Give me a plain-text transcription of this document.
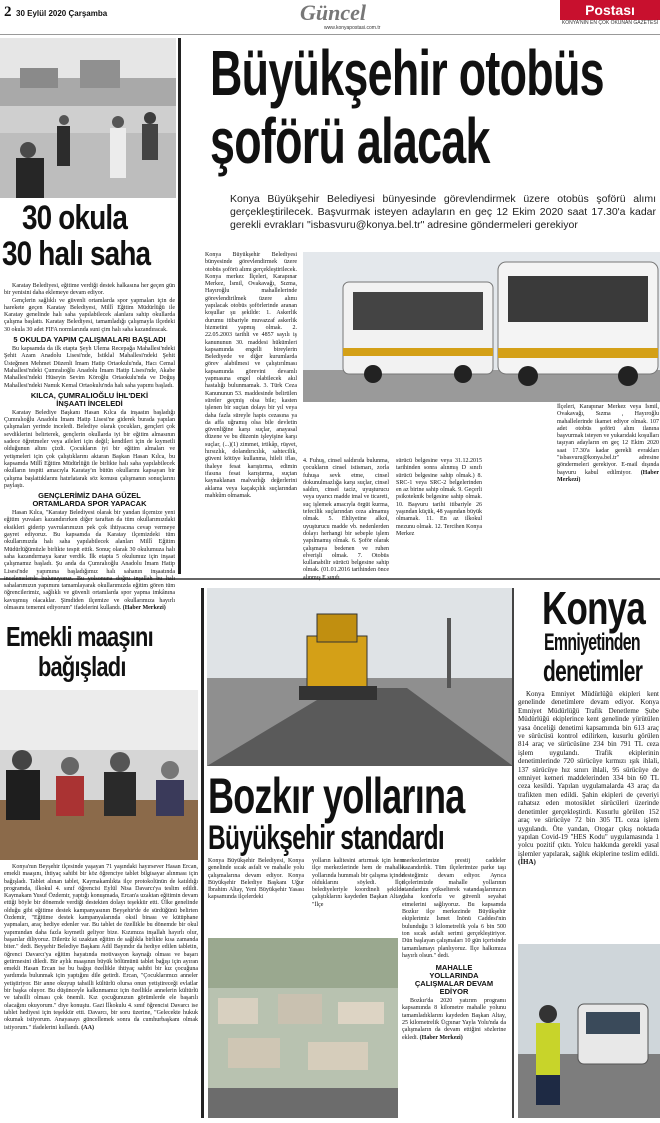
2 30 Eylül 2020 Çarşamba	Güncel
www.konyapostasi.com.tr
Postası
KONYA'NIN EN ÇOK OKUNAN GAZETESİ
30 okula
30 halı saha

Karatay Belediyesi, eğitime verdiği destek halkasına her geçen gün bir yenisini daha eklemeye devam ediyor.

Gençlerin sağlıklı ve güvenli ortamlarda spor yapmaları için de harekete geçen Karatay Belediyesi, Millî Eğitim Müdürlüğü ile Karatay genelinde halı saha yapılabilecek alanlara sahip okullarda çalışma başlattı. Karatay Belediyesi, tamamladığı çalışmayla ilçedeki 30 okula 30 adet FIFA normlarında suni çim halı saha kazandıracak.

5 OKULDA YAPIM ÇALIŞMALARI BAŞLADI

Bu kapsamda da ilk etapta Şeyh Ulema Recepağa Mahallesi'ndeki Şehit Azam Anadolu Lisesi'nde, İstiklal Mahallesi'ndeki Şehit Üsteğmen Mehmet Düzenli İmam Hatip Ortaokulu'nda, Hacı Cemal Mahallesi'ndeki Çumralıoğlu Anadolu İmam Hatip Lisesi'nde, Akabe Mahallesi'ndeki Hüseyin Sevim Köroğlu Ortaokulu'nda ve Doğuş Mahallesi'ndeki Namık Kemal Ortaokulu'nda halı saha yapımı başladı.

KILCA, ÇUMRALIOĞLU İHL'DEKİ
İNŞAATI İNCELEDİ

Karatay Belediye Başkanı Hasan Kılca da inşaatın başladığı Çumralıoğlu Anadolu İmam Hatip Lisesi'ne giderek burada yapılan çalışmaları yerinde inceledi. Belediye olarak çocukları, gençleri çok sevdiklerini belirterek, gençlerin okullarda iyi bir eğitim almasının sadece öğretmeler veya aileleri için değil; kendileri için de kıymetli olduğunun altını çizdi. Çocukların iyi bir eğitim almaları ve yetişmeleri için çok çalıştıklarını aktaran Başkan Hasan Kılca, bu kapsamda Millî Eğitim Müdürlüğü ile birlikte halı saha yapılabilecek okulların tespiti amacıyla Karatay'ın bütün okullarını kapsayan bir çalışma başlattıklarını hatırlatarak söz konusu çalışmanın sonuçlarını paylaştı.

GENÇLERİMİZ DAHA GÜZEL
ORTAMLARDA SPOR YAPACAK

Hasan Kılca, "Karatay Belediyesi olarak bir yandan ilçemize yeni eğitim yuvaları kazandırırken diğer taraftan da tüm okullarımızdaki eksikleri giderip yavrularımızın pek çok ihtiyacına cevap vermeye gayret ediyoruz. Bu kapsamda da Karatay ilçemizdeki tüm okullarımızda halı saha yapılabilecek alanları Millî Eğitim Müdürlüğümüzle birlikte tespit ettik. Sonuç olarak 30 okulumuza halı saha kazandırmaya karar verdik. İlk etapta 5 okulumuz için inşaat çalışmamız başladı. Şu anda da Çumralıoğlu Anadolu İmam Hatip Lisesi'nde yapımına başladığımız halı sahanın inşaatında incelemelerde bulunuyoruz. Bu yolsonuna doğru inşallah bu halı sahalarımızın yapımını tamamlayarak okullarımızda eğitim gören tüm öğrencilerimiz, sağlıklı ve güvenli ortamlarda spor yapma imkânına kavuşmuş olacaklar. Şimdiden ilçemize ve okullarımıza hayırlı olmasını temenni ediyorum" ifadelerini kullandı. (Haber Merkezi)

Büyükşehir otobüs
şoförü alacak
Konya Büyükşehir Belediyesi bünyesinde görevlendirmek üzere otobüs şoförü alımı gerçekleştirilecek. Başvurmak isteyen adayların en geç 12 Ekim 2020 saat 17.30'a kadar gerekli evrakları "isbasvuru@konya.bel.tr" adresine göndermeleri gerekiyor
Konya Büyükşehir Belediyesi bünyesinde görevlendirmek üzere otobüs şoförü alımı gerçekleştirilecek. Konya merkez İlçeleri, Karapınar Merkez, İsmil, Ovakavağı, Sızma, Hayıroğlu mahallelerinde görevlendirilmek üzere alımı yapılacak otobüs şoförlerinde aranan koşullar şu şekilde: 1. Askerlik durumu itibariyle muvazzaf askerlik hizmetini yapmış olmak. 2. 22.05.2003 tarihli ve 4857 sayılı iş kanununun 30. maddesi hükümleri kapsamında engelli bireylerin Belediyede ve diğer kurumlarda görev alabilmesi ve çalıştırılması kapsamında görevini devamlı yapmasına engel olabilecek akıl hastalığı bulunmamak. 3. Türk Ceza Kanununun 53. maddesinde belirtilen süreler geçmiş olsa bile; kasten işlenen bir suçtan dolayı bir yıl veya daha fazla süreyle hapis cezasına ya da affa uğramış olsa bile devletin güvenliğine karşı suçlar, anayasal düzene ve bu düzenin işleyişine karşı suçlar, (...)(1) zimmet, irtikâp, rüşvet, hırsızlık, dolandırıcılık, sahtecilik, güveni kötüye kullanma, hileli iflas, ihaleye fesat karıştırma, edimin ifasına fesat karıştırma, suçtan kaynaklanan malvarlığı değerlerini aklama veya kaçakçılık suçlarından mahkûm olmamak.
4. Fuhuş, cinsel saldırıda bulunma, çocukların cinsel istismarı, zorla fuhuşa sevk etme, cinsel dokunulmazlığa karşı suçlar, cinsel saldırı, cinsel taciz, uyuşturucu veya uyarıcı madde imal ve ticareti, suç işlemek amacıyla örgüt kurma, tefecilik suçlarından ceza almamış olmak. 5. Ehliyetine alkol, uyuşturucu madde vb. nedenlerden dolayı herhangi bir sebeple işlem yapılmamış olmak. 6. Şoför olarak çalışmaya bedenen ve ruhen elverişli olmak. 7. Otobüs kullanabilir sürücü belgesine sahip olmak. (01.01.2016 tarihinden önce alınmış E sınıfı
sürücü belgesine veya 31.12.2015 tarihinden sonra alınmış D sınıfı sürücü belgesine sahip olmak.) 8. SRC-1 veya SRC-2 belgelerinden en az birine sahip olmak. 9. Geçerli psikoteknik belgesine sahip olmak. 10. Başvuru tarihi itibariyle 26 yaşından küçük, 48 yaşından büyük olmamak. 11. En az ilkokul mezunu olmak. 12. Tercihen Konya Merkez
İlçeleri, Karapınar Merkez veya İsmil, Ovakavağı, Sızma , Hayıroğlu mahallelerinde ikamet ediyor olmak. 107 adet otobüs şoförü alım ilanına başvurmak isteyen ve yukarıdaki koşulları taşıyan adayların en geç 12 Ekim 2020 saat 17.30'a kadar gerekli evrakları "isbasvuru@konya.bel.tr" adresine göndermeleri gerekiyor. E-mail dışında başvuru kabul edilmiyor. (Haber Merkezi)
Emekli maaşını
bağışladı

Konya'nın Beyşehir ilçesinde yaşayan 71 yaşındaki hayırsever Hasan Ercan, emekli maaşını, ihtiyaç sahibi bir köz öğrenciye tablet bilgisayar alınması için bağışladı. Tablet alınan tablet, Kaymakamlıkta ilçe protokolünün de katıldığı programda, ilkokul 4. sınıf öğrencisi Eylül Nisa Davarcı'ya teslim edildi. Kaymakam Yusuf Özdemir, yaptığı konuşmada, Ercan'a uzaktan eğitimin devam ettiği böyle bir dönemde verdiği destekten dolayı teşekkür etti. Ülke genelinde olduğu gibi eğitime destek kampanyasının Beyşehir'de de sürdüğünü belirten Özdemir, "Eğitime destek kampanyalarında oksil binası ve kütüphane yapmaları, araç hediye edenler var. Bu tablet de özellikle bu dönemde bir okul yapımından daha fazla kıymetli geliyor bize. Kızımıza inşallah hayırlı olur, başarılar diliyoruz. Dilerüz ki uzaktan eğitim de sağlıkla birlikte kısa zamanda biter." dedi. Beyşehir Belediye Başkanı Adil Bayındır da hediye edilen tabletin, öğrenci Davarcı'ya eğitim hayatında motivasyon kaynağı olması ve başarı getirmesini diledi. Bir aylık maaşının büyük bölümünü tablet bağışı için ayıran emekli Hasan Ercan ise bu bağışı özellikle ihtiyaç sahibi bir kız çocuğuna yardımda bulunmak için yaptığını dile getirdi. Ercan, "Çocuklarımızı anneler yetiştiriyor. Bir anne okuyup tahsilli kültürlü olursa onun yetiştireceği evlatlar bir başka oluyor. Bu düşünceyle kalkınmamız için özellikle annelerin kültürlü ve tahsilli olması çok önemli. Kız çocuğunuzun görümlerde ele başarılı olacağını okuyorum." diye konuştu. Gazi İlkokulu 4. sınıf öğrencisi Davarcı ise tablet hediyesi için teşekkür etti. Davarcı, bir soru üzerine, "Gelecekte hukuk okumak istiyorum. Anayasayı güncellemek sonra da cumhurbaşkanı olmak istiyorum." ifadelerini kullandı. (AA)

Bozkır yollarına
Büyükşehir standardı
Konya Büyükşehir Belediyesi, Konya genelinde sıcak asfalt ve mahalle yolu çalışmalarına devam ediyor. Konya Büyükşehir Belediye Başkanı Uğur İbrahim Altay, Yeni Büyükşehir Yasası kapsamında ilçelerdeki
yolların kalitesini artırmak için hem ilçe merkezlerinde hem de mahalle yollarında hummalı bir çalışma içinde olduklarını söyledi. İlçe belediyeleriyle koordineli şekilde çalıştıklarını kaydeden Başkan Altay, "İlçe
merkezlerimize prestij caddeler kazandırdık. Tüm ilçelerimize parke taşı desteğimiz devam ediyor. Ayrıca ilçelerimizde mahalle yollarının standardını yükselterek vatandaşlarımızın daha konforlu ve güvenli seyahat etmelerini sağlıyoruz. Bu kapsamda Bozkır ilçe merkezinde Büyükşehir ekiplerimiz İsmet İnönü Caddesi'nin bulunduğu 3 kilometrelik yola 6 bin 500 ton sıcak asfalt serimi gerçekleştiriyor. Dün başlayan çalışmaları 10 gün içerisinde tamamlamayı planlıyoruz. İlçe halkımıza hayırlı olsun." dedi.
MAHALLE
YOLLARINDA
ÇALIŞMALAR DEVAM
EDİYOR

Bozkır'da 2020 yatırım programı kapsamında 8 kilometre mahalle yolunu tamamladıklarını kaydeden Başkan Altay, 25 kilometrelik Üçpınar Yayla Yolu'nda da çalışmaların da devam ettiğini sözlerine ekledi. (Haber Merkezi)

Konya
Emniyetinden
denetimler

Konya Emniyet Müdürlüğü ekipleri kent genelinde denetimlere devam ediyor. Konya Emniyet Müdürlüğü Trafik Denetleme Şube Müdürlüğü ekiplerince kent genelinde yürütülen yasa önceliği denetimi kapsamında bin 613 araç ve sürücüsü kontrol edilirken, kusurlu görülen 814 araç ve sürücüsüne 234 bin 791 TL ceza işlem uygulandı. Trafik ekiplerinin denetimlerinde 720 sürücüye kırmızı ışık ihlali, 137 sürücüye hız sınırı ihlali, 95 sürücüye de emniyet kemeri maddelerinden 334 bin 60 TL ceza kesildi. Yapılan uygulamalarda 43 araç da trafikten men edildi. Şahin ekipleri de çeveriyi rahatsız eden motosiklet sürücüleri üzerinde denetimler gerçekleştirdi. Kusurlu görülen 152 araç ve sürücüye 72 bin 305 TL ceza işlem uygulandı. Öte yandan, Otogar çıkış noktada yapılan Covid-19 "HES Kodu" uygulamasında 1 yolcu pozitif çıktı. Yolcu hakkında gerekli yasal işlemler yapılarak, sağlık ekiplerine teslim edildi. (İHA)
